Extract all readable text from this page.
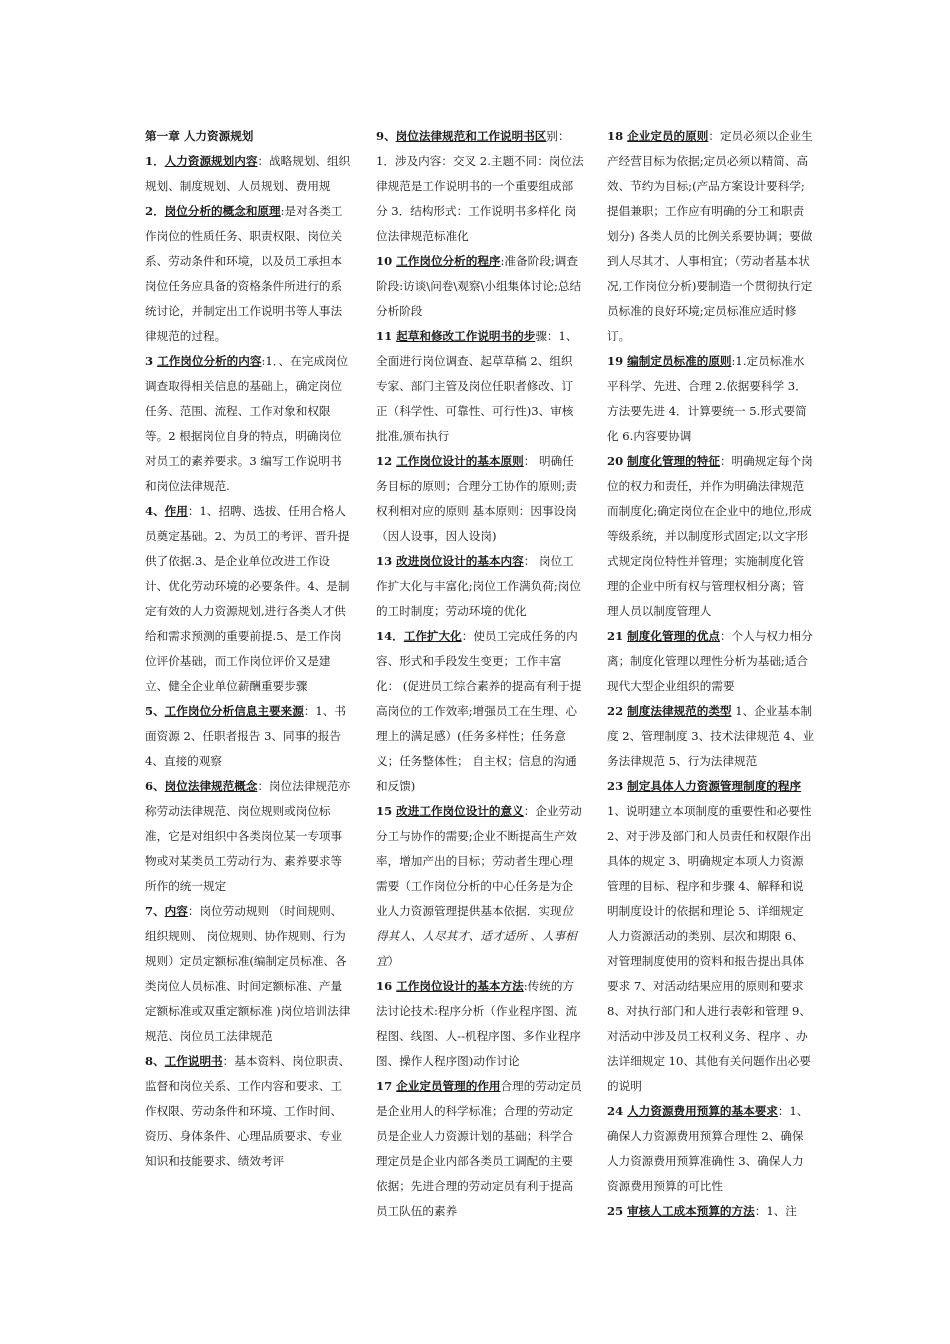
第一章 人力资源规划

1．人力资源规划内容：战略规划、组织规划、制度规划、人员规划、费用规

2．岗位分析的概念和原理:是对各类工作岗位的性质任务、职责权限、岗位关系、劳动条件和环境，以及员工承担本岗位任务应具备的资格条件所进行的系统讨论，并制定出工作说明书等人事法律规范的过程。

3 工作岗位分析的内容:1．、在完成岗位调查取得相关信息的基础上，确定岗位任务、范围、流程、工作对象和权限等。2 根据岗位自身的特点，明确岗位对员工的素养要求。3 编写工作说明书和岗位法律规范.

4、作用：1、招聘、选拔、任用合格人员奠定基础。2、为员工的考评、晋升提供了依据.3、是企业单位改进工作设计、优化劳动环境的必要条件。4、是制定有效的人力资源规划,进行各类人才供给和需求预测的重要前提.5、是工作岗位评价基础，而工作岗位评价又是建立、健全企业单位薪酬重要步骤

5、工作岗位分析信息主要来源：1、书面资源 2、任职者报告 3、同事的报告 4、直接的观察

6、岗位法律规范概念：岗位法律规范亦称劳动法律规范、岗位规则或岗位标准，它是对组织中各类岗位某一专项事物或对某类员工劳动行为、素养要求等所作的统一规定

7、内容：岗位劳动规则 （时间规则、组织规则、 岗位规则、协作规则、行为规则）定员定额标准(编制定员标准、各类岗位人员标准、时间定额标准、产量定额标准或双重定额标准 )岗位培训法律规范、岗位员工法律规范

8、工作说明书：基本资料、岗位职责、监督和岗位关系、工作内容和要求、工作权限、劳动条件和环境、工作时间、资历、身体条件、心理品质要求、专业知识和技能要求、绩效考评

9、岗位法律规范和工作说明书区别：1．涉及内容：交叉 2.主题不同：岗位法律规范是工作说明书的一个重要组成部分 3．结构形式：工作说明书多样化 岗位法律规范标准化

10 工作岗位分析的程序:准备阶段;调查阶段:访谈\问卷\观察\小组集体讨论;总结分析阶段

11 起草和修改工作说明书的步骤：1、全面进行岗位调查、起草草稿 2、组织专家、部门主管及岗位任职者修改、订正（科学性、可靠性、可行性)3、审核批准,颁布执行

12 工作岗位设计的基本原则： 明确任务目标的原则；合理分工协作的原则;责权利相对应的原则 基本原则：因事设岗（因人设事，因人设岗)

13 改进岗位设计的基本内容： 岗位工作扩大化与丰富化;岗位工作满负荷;岗位的工时制度；劳动环境的优化

14．工作扩大化：使员工完成任务的内容、形式和手段发生变更；工作丰富化： (促进员工综合素养的提高有利于提高岗位的工作效率;增强员工在生理、心理上的满足感）(任务多样性；任务意义；任务整体性； 自主权；信息的沟通和反馈)

15 改进工作岗位设计的意义：企业劳动分工与协作的需要;企业不断提高生产效率，增加产出的目标；劳动者生理心理需要（工作岗位分析的中心任务是为企业人力资源管理提供基本依据．实现位得其人、人尽其才、适才适所 、人事相宜）

16 工作岗位设计的基本方法:传统的方法讨论技术:程序分析（作业程序图、流程图、线图、人--机程序图、多作业程序图、操作人程序图)动作讨论

17 企业定员管理的作用合理的劳动定员是企业用人的科学标准；合理的劳动定员是企业人力资源计划的基础；科学合理定员是企业内部各类员工调配的主要依据；先进合理的劳动定员有利于提高员工队伍的素养

18 企业定员的原则：定员必须以企业生产经营目标为依据;定员必须以精简、高效、节约为目标;(产品方案设计要科学;提倡兼职；工作应有明确的分工和职责划分) 各类人员的比例关系要协调；要做到人尽其才、人事相宜；（劳动者基本状况,工作岗位分析)要制造一个贯彻执行定员标准的良好环境;定员标准应适时修订。

19 编制定员标准的原则:1.定员标准水平科学、先进、合理 2.依据要科学 3．方法要先进 4．计算要统一 5.形式要简化 6.内容要协调

20 制度化管理的特征：明确规定每个岗位的权力和责任，并作为明确法律规范而制度化;确定岗位在企业中的地位,形成等级系统，并以制度形式固定;以文字形式规定岗位特性并管理；实施制度化管理的企业中所有权与管理权相分离；管理人员以制度管理人

21 制度化管理的优点：个人与权力相分离；制度化管理以理性分析为基础;适合现代大型企业组织的需要

22 制度法律规范的类型 1、企业基本制度 2、管理制度 3、技术法律规范 4、业务法律规范 5、行为法律规范

23 制定具体人力资源管理制度的程序1、说明建立本项制度的重要性和必要性 2、对于涉及部门和人员责任和权限作出具体的规定 3、明确规定本项人力资源管理的目标、程序和步骤 4、解释和说明制度设计的依据和理论 5、详细规定人力资源活动的类别、层次和期限 6、对管理制度使用的资料和报告提出具体要求 7、对活动结果应用的原则和要求 8、对执行部门和人进行表彰和管理 9、对活动中涉及员工权利义务、程序 、办法详细规定 10、其他有关问题作出必要的说明

24 人力资源费用预算的基本要求：1、确保人力资源费用预算合理性 2、确保人力资源费用预算准确性 3、确保人力资源费用预算的可比性

25 审核人工成本预算的方法：1、注
